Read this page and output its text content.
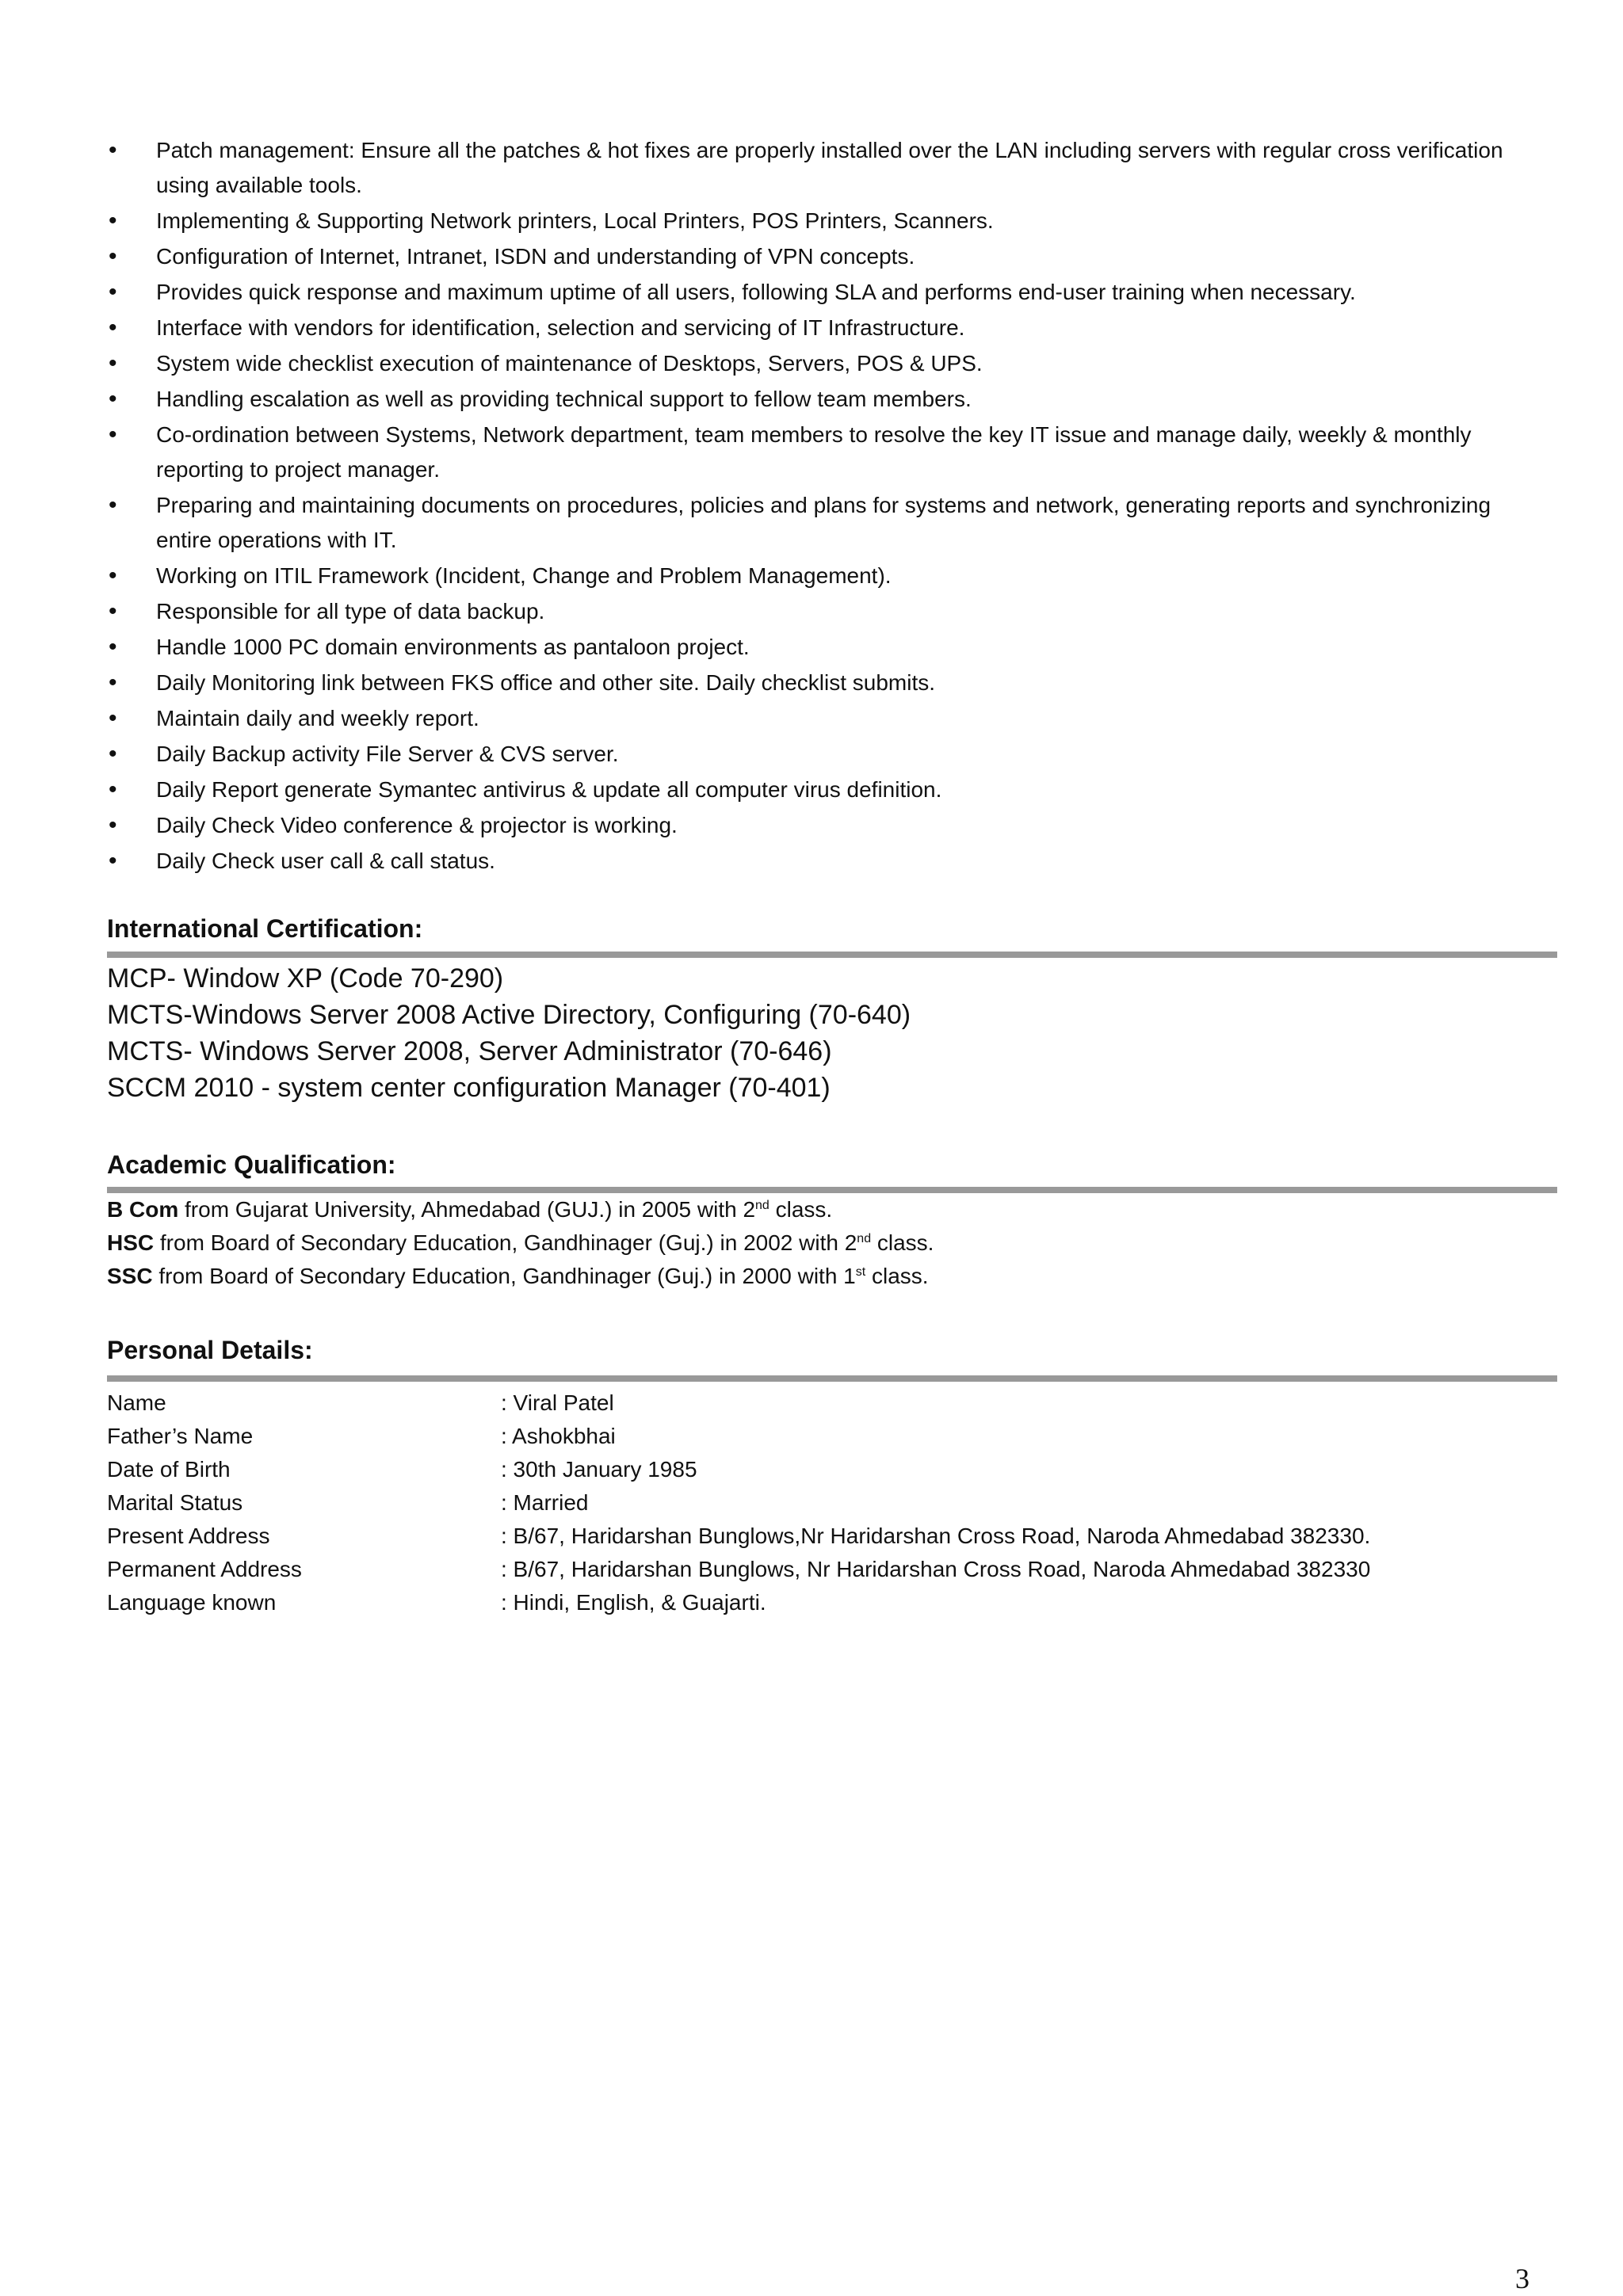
• Patch management: Ensure all the patches & hot fixes are properly installed over the LAN including servers with regular cross verification using available tools.
• Implementing & Supporting Network printers, Local Printers, POS Printers, Scanners.
• Configuration of Internet, Intranet, ISDN and understanding of VPN concepts.
• Provides quick response and maximum uptime of all users, following SLA and performs end-user training when necessary.
• Interface with vendors for identification, selection and servicing of IT Infrastructure.
• System wide checklist execution of maintenance of Desktops, Servers, POS & UPS.
• Handling escalation as well as providing technical support to fellow team members.
• Co-ordination between Systems, Network department, team members to resolve the key IT issue and manage daily, weekly & monthly reporting to project manager.
• Preparing and maintaining documents on procedures, policies and plans for systems and network, generating reports and synchronizing entire operations with IT.
• Working on ITIL Framework (Incident, Change and Problem Management).
• Responsible for all type of data backup.
• Handle 1000 PC domain environments as pantaloon project.
• Daily Monitoring link between FKS office and other site. Daily checklist submits.
• Maintain daily and weekly report.
• Daily Backup activity File Server & CVS server.
• Daily Report generate Symantec antivirus & update all computer virus definition.
• Daily Check Video conference & projector is working.
• Daily Check user call & call status.
International Certification:
MCP- Window XP (Code 70-290)
MCTS-Windows Server 2008 Active Directory, Configuring (70-640)
MCTS- Windows Server 2008, Server Administrator (70-646)
SCCM 2010 - system center configuration Manager (70-401)
Academic Qualification:
B Com from Gujarat University, Ahmedabad (GUJ.) in 2005 with 2nd class.
HSC from Board of Secondary Education, Gandhinager (Guj.) in 2002 with 2nd class.
SSC from Board of Secondary Education, Gandhinager (Guj.) in 2000 with 1st class.
Personal Details:
Name	: Viral Patel
Father’s Name	: Ashokbhai
Date of Birth	: 30th January 1985
Marital Status	: Married
Present Address	: B/67, Haridarshan Bunglows,Nr Haridarshan Cross Road, Naroda Ahmedabad 382330.
Permanent Address	: B/67, Haridarshan Bunglows, Nr Haridarshan Cross Road, Naroda Ahmedabad 382330
Language known	: Hindi, English, & Guajarti.
3
